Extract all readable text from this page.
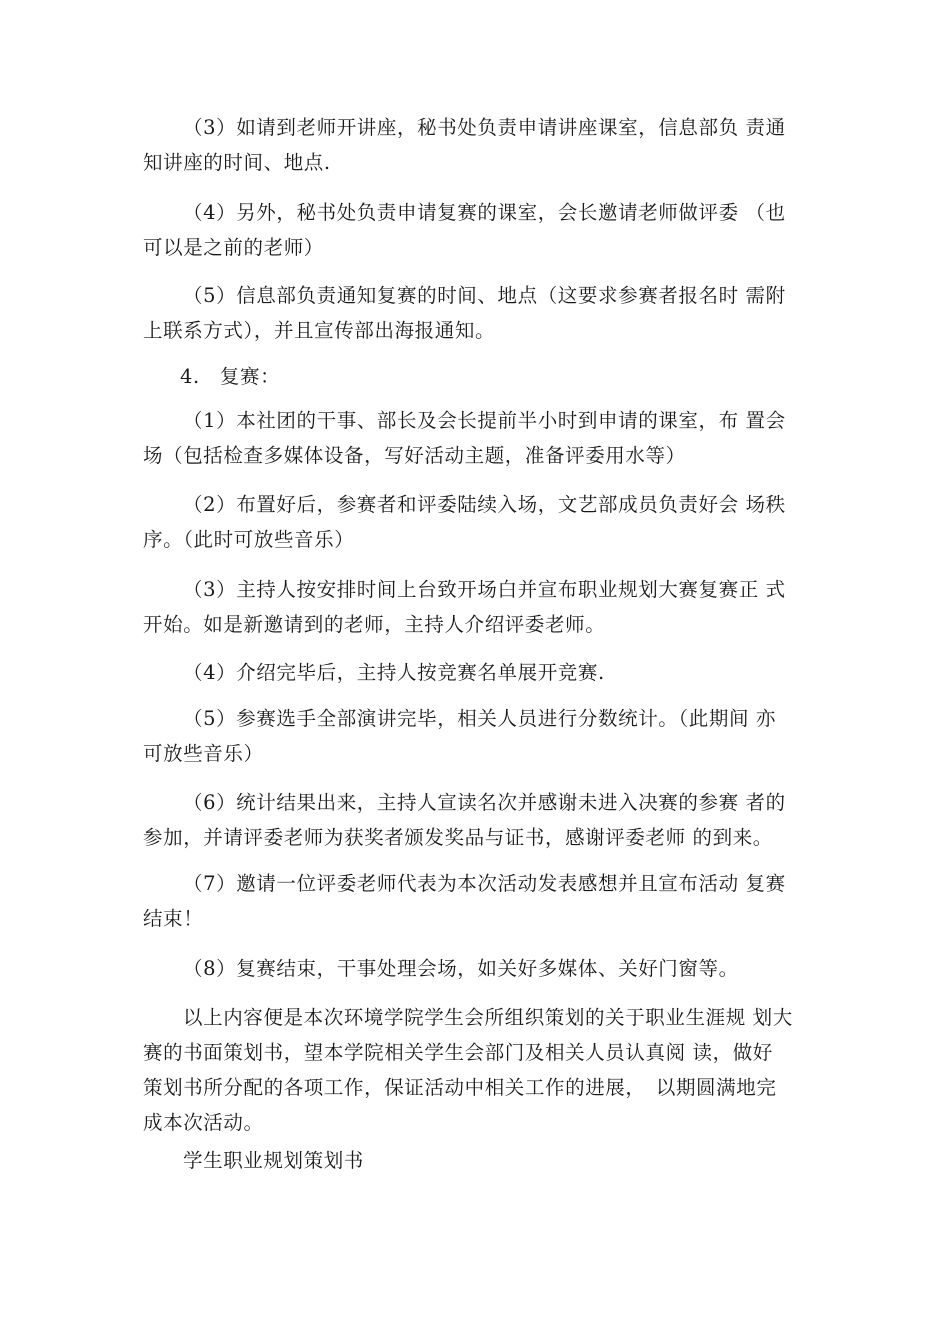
（3）如请到老师开讲座，秘书处负责申请讲座课室，信息部负 责通
知讲座的时间、地点.

（4）另外，秘书处负责申请复赛的课室，会长邀请老师做评委 （也
可以是之前的老师）

（5）信息部负责通知复赛的时间、地点（这要求参赛者报名时 需附
上联系方式），并且宣传部出海报通知。

4.　复赛：

（1）本社团的干事、部长及会长提前半小时到申请的课室，布 置会
场（包括检查多媒体设备，写好活动主题，准备评委用水等）

（2）布置好后，参赛者和评委陆续入场，文艺部成员负责好会 场秩
序。（此时可放些音乐）

（3）主持人按安排时间上台致开场白并宣布职业规划大赛复赛正 式
开始。如是新邀请到的老师，主持人介绍评委老师。

（4）介绍完毕后，主持人按竞赛名单展开竞赛.

（5）参赛选手全部演讲完毕，相关人员进行分数统计。（此期间 亦
可放些音乐）

（6）统计结果出来，主持人宣读名次并感谢未进入决赛的参赛 者的
参加，并请评委老师为获奖者颁发奖品与证书，感谢评委老师 的到来。

（7）邀请一位评委老师代表为本次活动发表感想并且宣布活动 复赛
结束！

（8）复赛结束，干事处理会场，如关好多媒体、关好门窗等。

以上内容便是本次环境学院学生会所组织策划的关于职业生涯规 划大
赛的书面策划书，望本学院相关学生会部门及相关人员认真阅 读，做好
策划书所分配的各项工作，保证活动中相关工作的进展，　以期圆满地完
成本次活动。

学生职业规划策划书
